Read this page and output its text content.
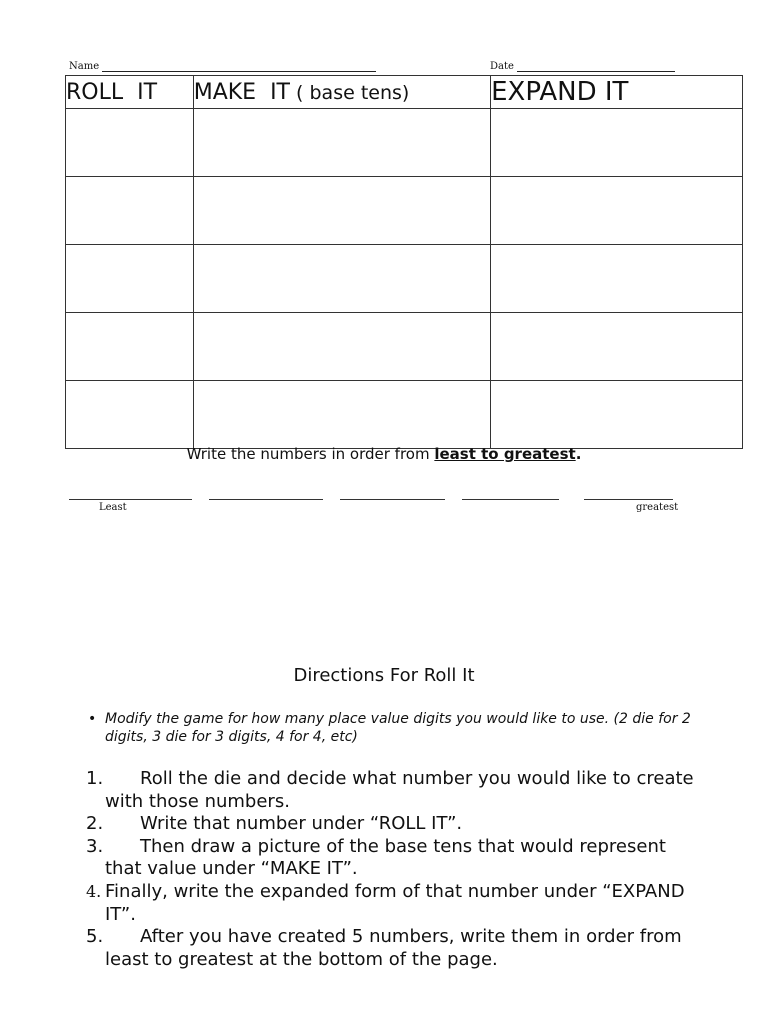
Name	Date
ROLL  IT	MAKE  IT ( base tens)	EXPAND IT

Write the numbers in order from least to greatest.
Least	greatest
Directions For Roll It
• Modify the game for how many place value digits you would like to use. (2 die for 2 digits, 3 die for 3 digits, 4 for 4, etc)
1.	Roll the die and decide what number you would like to create with those numbers.
2.	Write that number under “ROLL IT”.
3.	Then draw a picture of the base tens that would represent that value under “MAKE IT”.
4. Finally, write the expanded form of that number under “EXPAND IT”.
5.	After you have created 5 numbers, write them in order from least to greatest at the bottom of the page.
